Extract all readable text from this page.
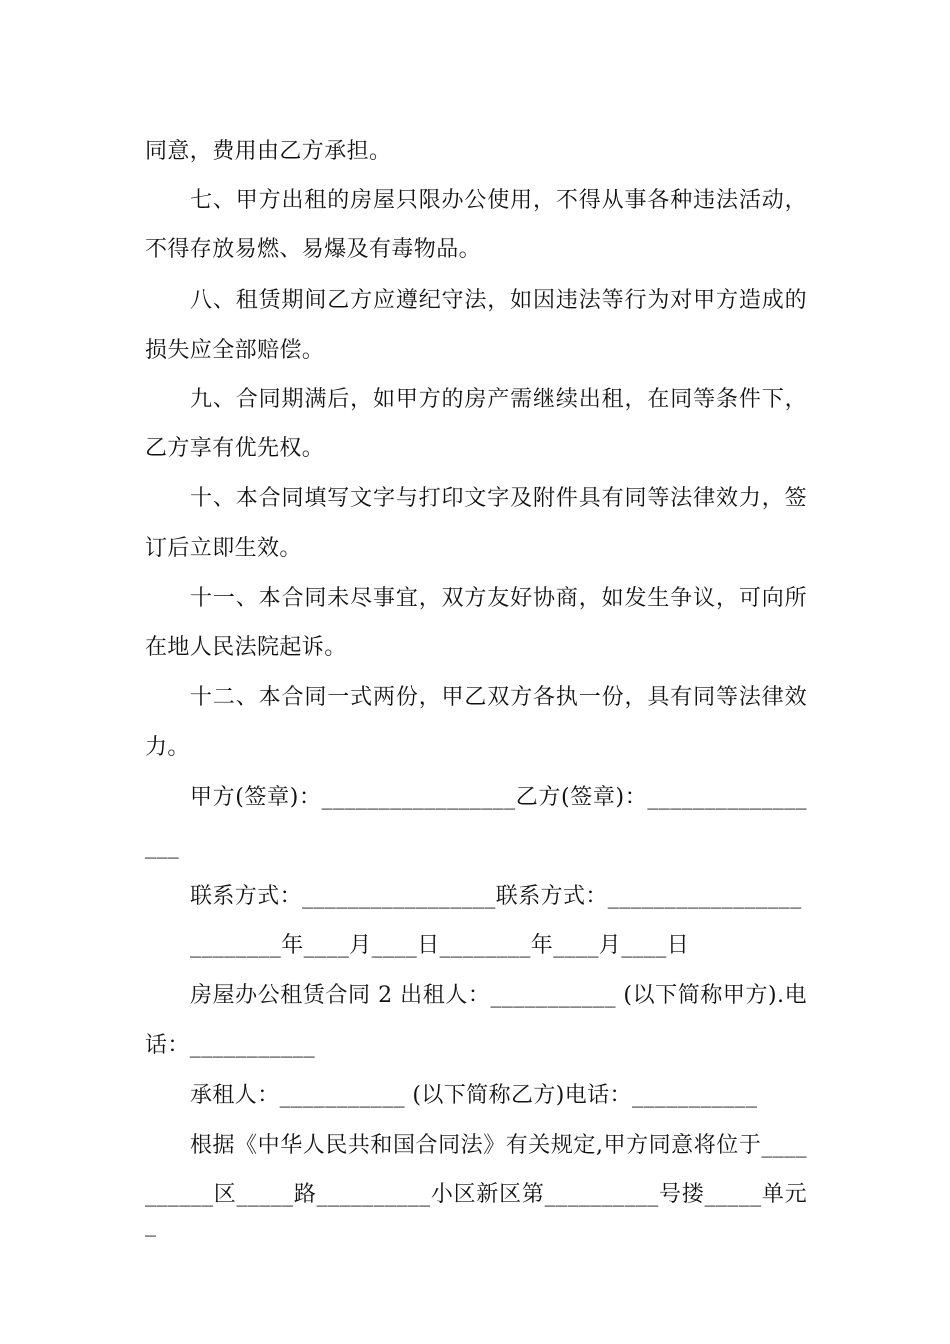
同意，费用由乙方承担。
七、甲方出租的房屋只限办公使用，不得从事各种违法活动，
不得存放易燃、易爆及有毒物品。
八、租赁期间乙方应遵纪守法，如因违法等行为对甲方造成的
损失应全部赔偿。
九、合同期满后，如甲方的房产需继续出租，在同等条件下，
乙方享有优先权。
十、本合同填写文字与打印文字及附件具有同等法律效力，签
订后立即生效。
十一、本合同未尽事宜，双方友好协商，如发生争议，可向所
在地人民法院起诉。
十二、本合同一式两份，甲乙双方各执一份，具有同等法律效
力。
甲方(签章)：_________________乙方(签章)：______________
___
联系方式：_________________联系方式：_________________
________年____月____日________年____月____日
房屋办公租赁合同 2 出租人：___________ (以下简称甲方).电
话：___________
承租人：___________ (以下简称乙方)电话：___________
根据《中华人民共和国合同法》有关规定,甲方同意将位于____
______区_____路__________小区新区第__________号搂_____单元_
